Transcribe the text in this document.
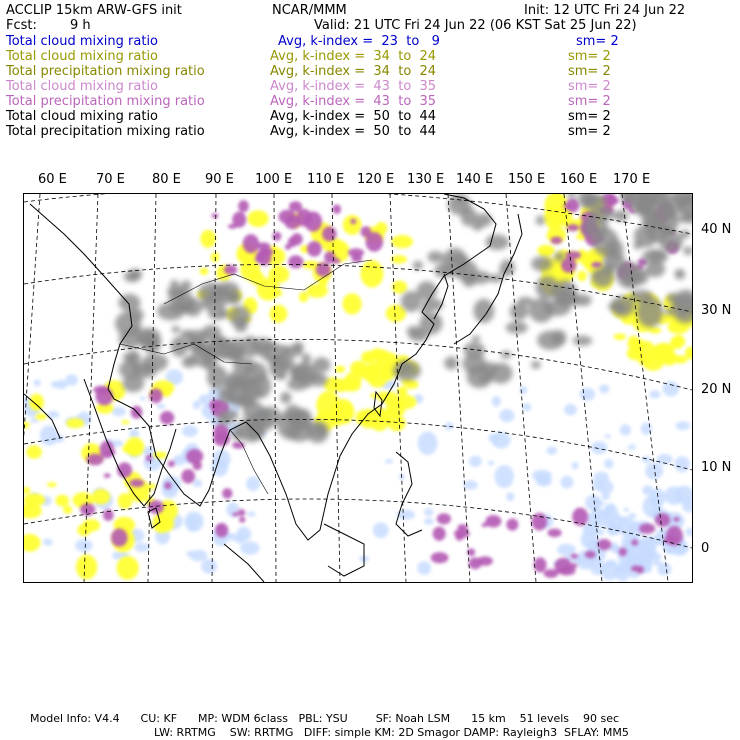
ACCLIP 15km ARW-GFS init	NCAR/MMM	Init: 12 UTC Fri 24 Jun 22
Fcst:	9 h	Valid: 21 UTC Fri 24 Jun 22 (06 KST Sat 25 Jun 22)
Total cloud mixing ratio	Avg, k-index =  23  to   9	sm= 2
Total cloud mixing ratio	Avg, k-index =  34  to  24	sm= 2
Total precipitation mixing ratio	Avg, k-index =  34  to  24	sm= 2
Total cloud mixing ratio	Avg, k-index =  43  to  35	sm= 2
Total precipitation mixing ratio	Avg, k-index =  43  to  35	sm= 2
Total cloud mixing ratio	Avg, k-index =  50  to  44	sm= 2
Total precipitation mixing ratio	Avg, k-index =  50  to  44	sm= 2
60 E 70 E 80 E 90 E 100 E 110 E 120 E 130 E 140 E 150 E 160 E 170 E
40 N
30 N
20 N
10 N
0
Model Info: V4.4      CU: KF      MP: WDM 6class   PBL: YSU        SF: Noah LSM      15 km    51 levels    90 sec
LW: RRTMG    SW: RRTMG   DIFF: simple KM: 2D Smagor DAMP: Rayleigh3  SFLAY: MM5
